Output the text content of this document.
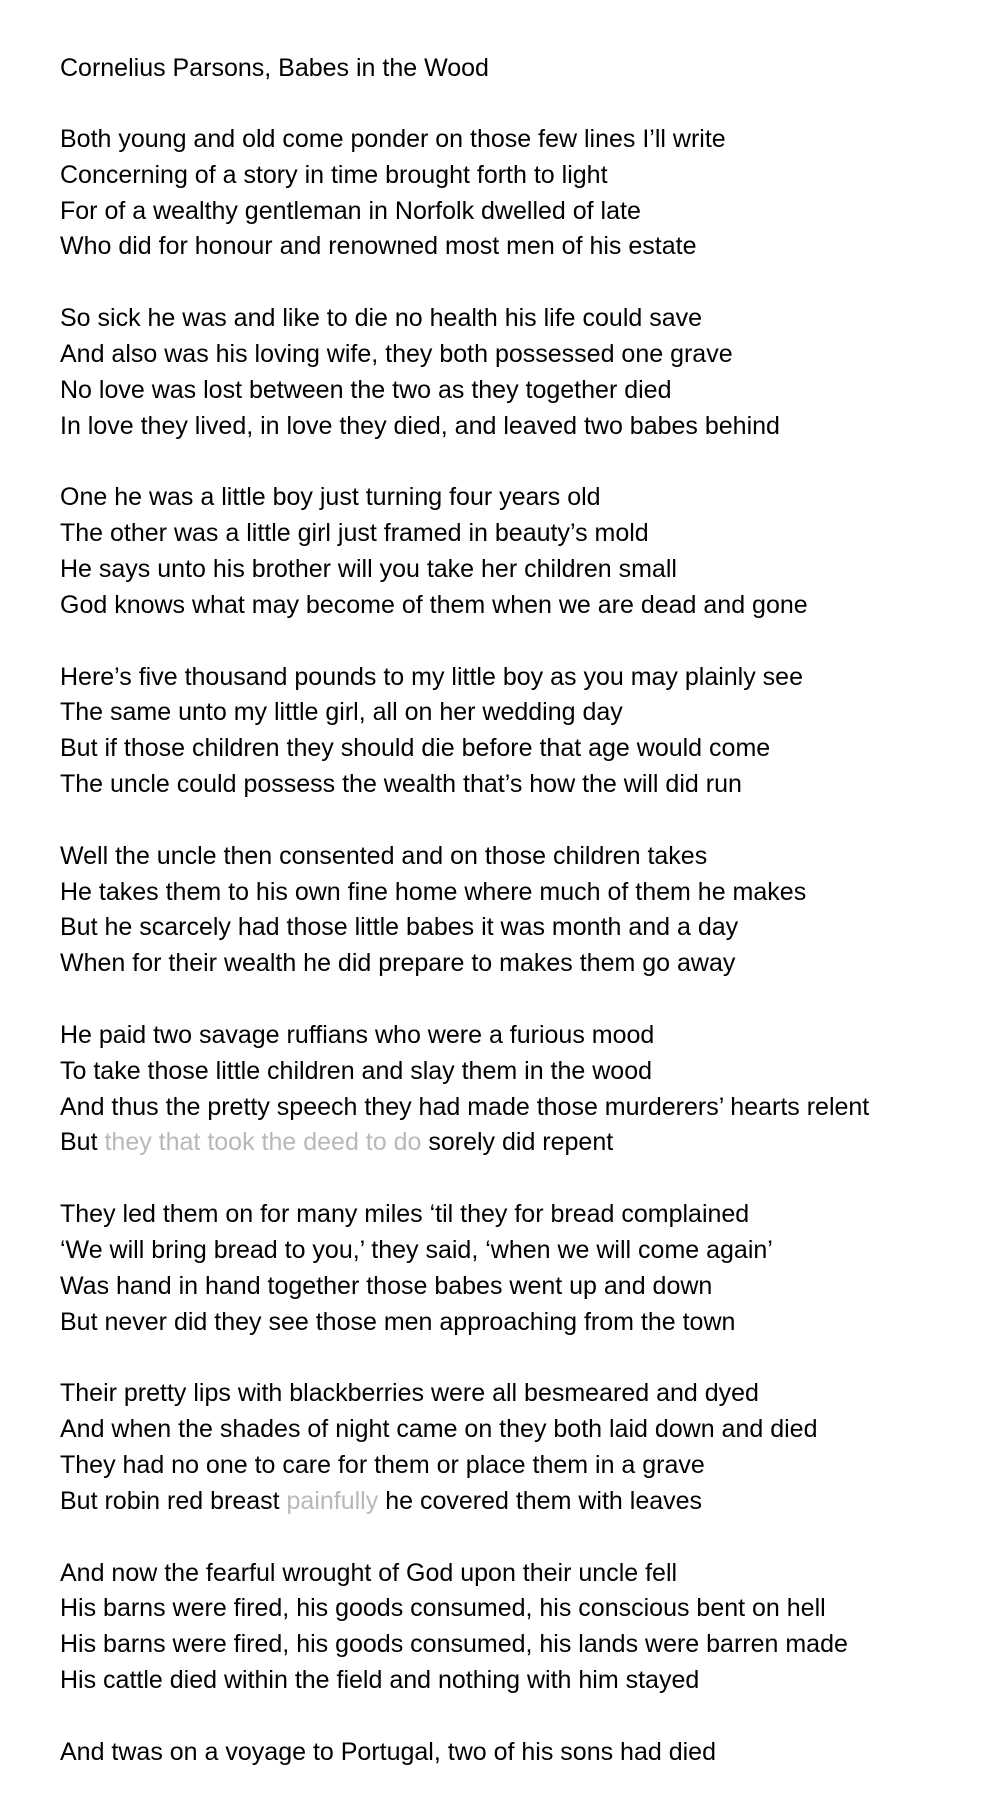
Cornelius Parsons, Babes in the Wood

Both young and old come ponder on those few lines I’ll write
Concerning of a story in time brought forth to light
For of a wealthy gentleman in Norfolk dwelled of late
Who did for honour and renowned most men of his estate
So sick he was and like to die no health his life could save
And also was his loving wife, they both possessed one grave
No love was lost between the two as they together died
In love they lived, in love they died, and leaved two babes behind
One he was a little boy just turning four years old
The other was a little girl just framed in beauty’s mold
He says unto his brother will you take her children small
God knows what may become of them when we are dead and gone
Here’s five thousand pounds to my little boy as you may plainly see
The same unto my little girl, all on her wedding day
But if those children they should die before that age would come
The uncle could possess the wealth that’s how the will did run
Well the uncle then consented and on those children takes
He takes them to his own fine home where much of them he makes
But he scarcely had those little babes it was month and a day
When for their wealth he did prepare to makes them go away
He paid two savage ruffians who were a furious mood
To take those little children and slay them in the wood
And thus the pretty speech they had made those murderers’ hearts relent
But they that took the deed to do sorely did repent
They led them on for many miles ‘til they for bread complained
‘We will bring bread to you,’ they said, ‘when we will come again’
Was hand in hand together those babes went up and down
But never did they see those men approaching from the town
Their pretty lips with blackberries were all besmeared and dyed
And when the shades of night came on they both laid down and died
They had no one to care for them or place them in a grave
But robin red breast painfully he covered them with leaves
And now the fearful wrought of God upon their uncle fell
His barns were fired, his goods consumed, his conscious bent on hell
His barns were fired, his goods consumed, his lands were barren made
His cattle died within the field and nothing with him stayed
And twas on a voyage to Portugal, two of his sons had died
